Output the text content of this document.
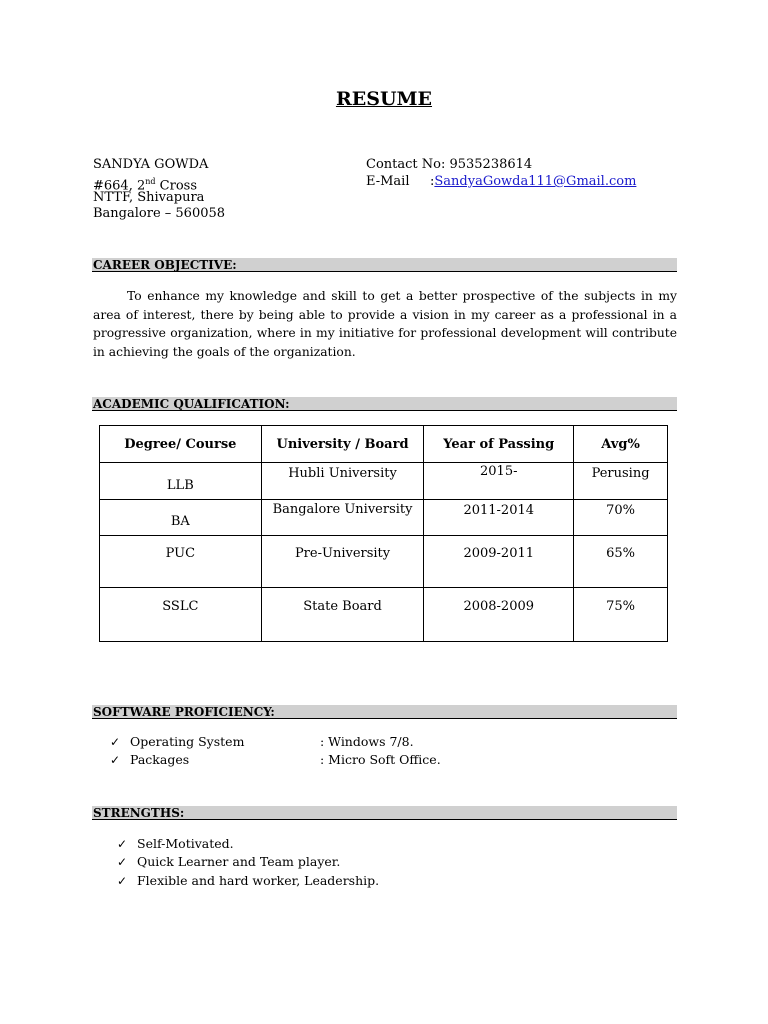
RESUME
SANDYA GOWDA
#664, 2nd Cross
NTTF, Shivapura
Bangalore – 560058
Contact No: 9535238614
E-Mail :SandyaGowda111@Gmail.com
CAREER OBJECTIVE:
To enhance my knowledge and skill to get a better prospective of the subjects in my area of interest, there by being able to provide a vision in my career as a professional in a progressive organization, where in my initiative for professional development will contribute in achieving the goals of the organization.
ACADEMIC QUALIFICATION:
Degree/ Course	University / Board	Year of Passing	Avg%
LLB	Hubli University	2015-	Perusing
BA	Bangalore University	2011-2014	70%
PUC	Pre-University	2009-2011	65%
SSLC	State Board	2008-2009	75%
SOFTWARE PROFICIENCY:
✓ Operating System	: Windows 7/8.
✓ Packages	: Micro Soft Office.
STRENGTHS:
✓ Self-Motivated.
✓ Quick Learner and Team player.
✓ Flexible and hard worker, Leadership.
